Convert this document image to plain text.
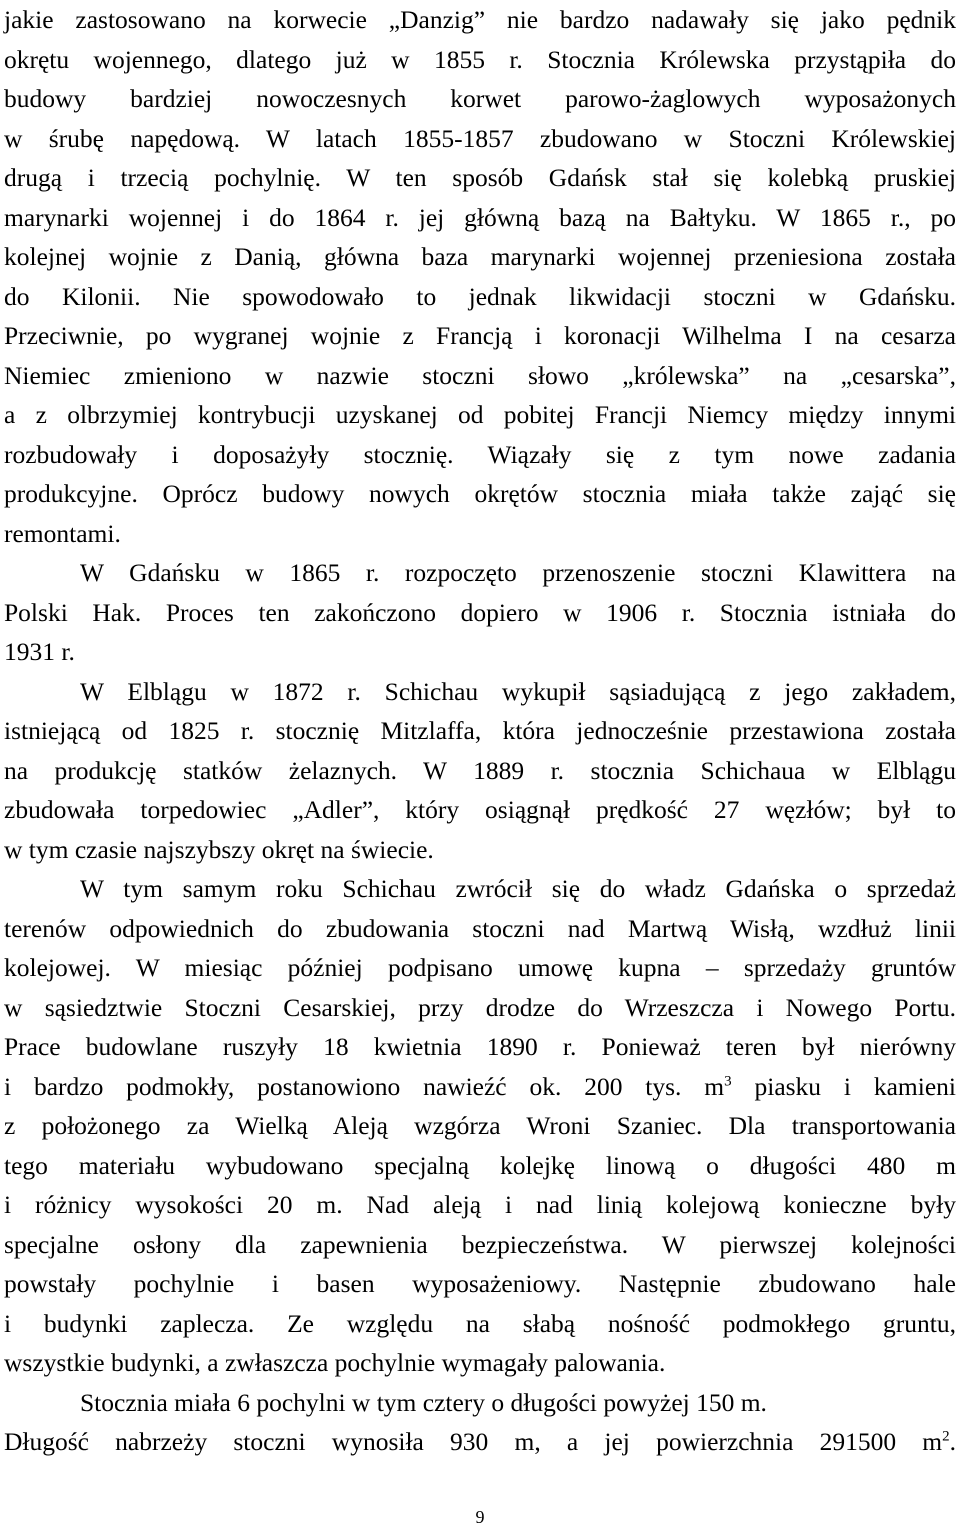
jakie zastosowano na korwecie „Danzig” nie bardzo nadawały się jako pędnik
okrętu wojennego, dlatego już w 1855 r. Stocznia Królewska przystąpiła do
budowy bardziej nowoczesnych korwet parowo-żaglowych wyposażonych
w śrubę napędową. W latach 1855-1857 zbudowano w Stoczni Królewskiej
drugą i trzecią pochylnię. W ten sposób Gdańsk stał się kolebką pruskiej
marynarki wojennej i do 1864 r. jej główną bazą na Bałtyku. W 1865 r., po
kolejnej wojnie z Danią, główna baza marynarki wojennej przeniesiona została
do Kilonii. Nie spowodowało to jednak likwidacji stoczni w Gdańsku.
Przeciwnie, po wygranej wojnie z Francją i koronacji Wilhelma I na cesarza
Niemiec zmieniono w nazwie stoczni słowo „królewska” na „cesarska”,
a z olbrzymiej kontrybucji uzyskanej od pobitej Francji Niemcy między innymi
rozbudowały i doposażyły stocznię. Wiązały się z tym nowe zadania
produkcyjne. Oprócz budowy nowych okrętów stocznia miała także zająć się
remontami.
W Gdańsku w 1865 r. rozpoczęto przenoszenie stoczni Klawittera na
Polski Hak. Proces ten zakończono dopiero w 1906 r. Stocznia istniała do
1931 r.
W Elblągu w 1872 r. Schichau wykupił sąsiadującą z jego zakładem,
istniejącą od 1825 r. stocznię Mitzlaffa, która jednocześnie przestawiona została
na produkcję statków żelaznych. W 1889 r. stocznia Schichaua w Elblągu
zbudowała torpedowiec „Adler”, który osiągnął prędkość 27 węzłów; był to
w tym czasie najszybszy okręt na świecie.
W tym samym roku Schichau zwrócił się do władz Gdańska o sprzedaż
terenów odpowiednich do zbudowania stoczni nad Martwą Wisłą, wzdłuż linii
kolejowej. W miesiąc później podpisano umowę kupna – sprzedaży gruntów
w sąsiedztwie Stoczni Cesarskiej, przy drodze do Wrzeszcza i Nowego Portu.
Prace budowlane ruszyły 18 kwietnia 1890 r. Ponieważ teren był nierówny
i bardzo podmokły, postanowiono nawieźć ok. 200 tys. $m^3$ piasku i kamieni
z położonego za Wielką Aleją wzgórza Wroni Szaniec. Dla transportowania
tego materiału wybudowano specjalną kolejkę linową o długości 480 m
i różnicy wysokości 20 m. Nad aleją i nad linią kolejową konieczne były
specjalne osłony dla zapewnienia bezpieczeństwa. W pierwszej kolejności
powstały pochylnie i basen wyposażeniowy. Następnie zbudowano hale
i budynki zaplecza. Ze względu na słabą nośność podmokłego gruntu,
wszystkie budynki, a zwłaszcza pochylnie wymagały palowania.
Stocznia miała 6 pochylni w tym cztery o długości powyżej 150 m.
Długość nabrzeży stoczni wynosiła 930 m, a jej powierzchnia 291500 $m^2$.
9
